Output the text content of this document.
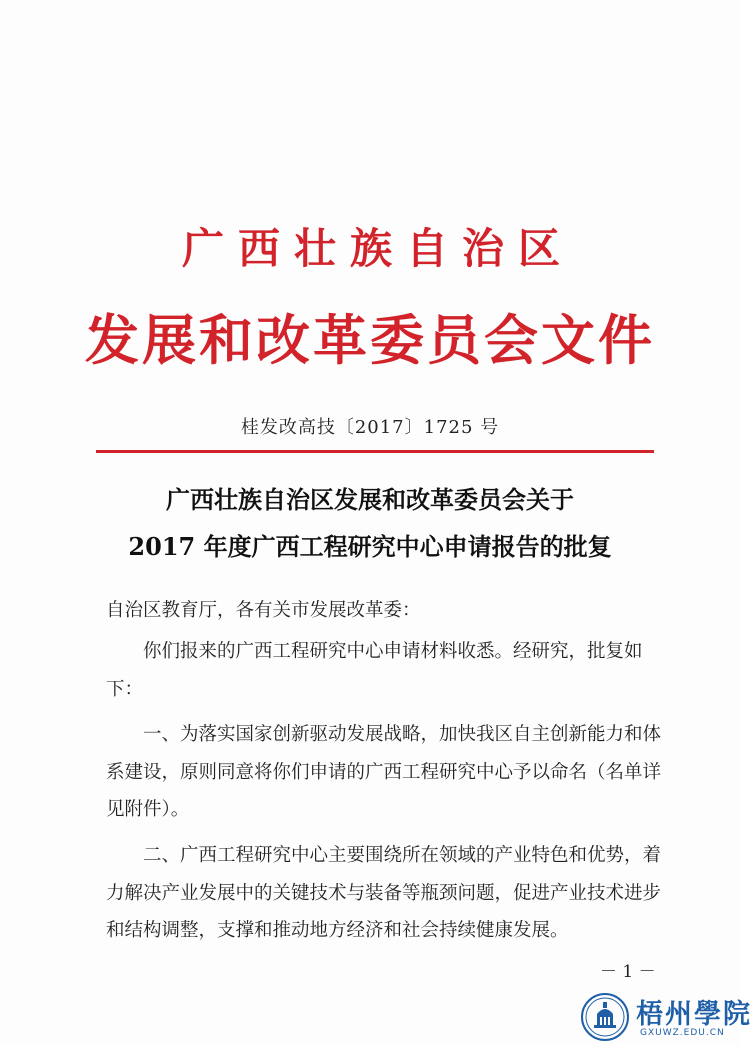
广西壮族自治区
发展和改革委员会文件
桂发改高技〔2017〕1725 号
广西壮族自治区发展和改革委员会关于
2017 年度广西工程研究中心申请报告的批复
自治区教育厅，各有关市发展改革委：
你们报来的广西工程研究中心申请材料收悉。经研究，批复如下：
一、为落实国家创新驱动发展战略，加快我区自主创新能力和体系建设，原则同意将你们申请的广西工程研究中心予以命名（名单详见附件）。
二、广西工程研究中心主要围绕所在领域的产业特色和优势，着力解决产业发展中的关键技术与装备等瓶颈问题，促进产业技术进步和结构调整，支撑和推动地方经济和社会持续健康发展。
－ 1 －
梧州學院
GXUWZ.EDU.CN
